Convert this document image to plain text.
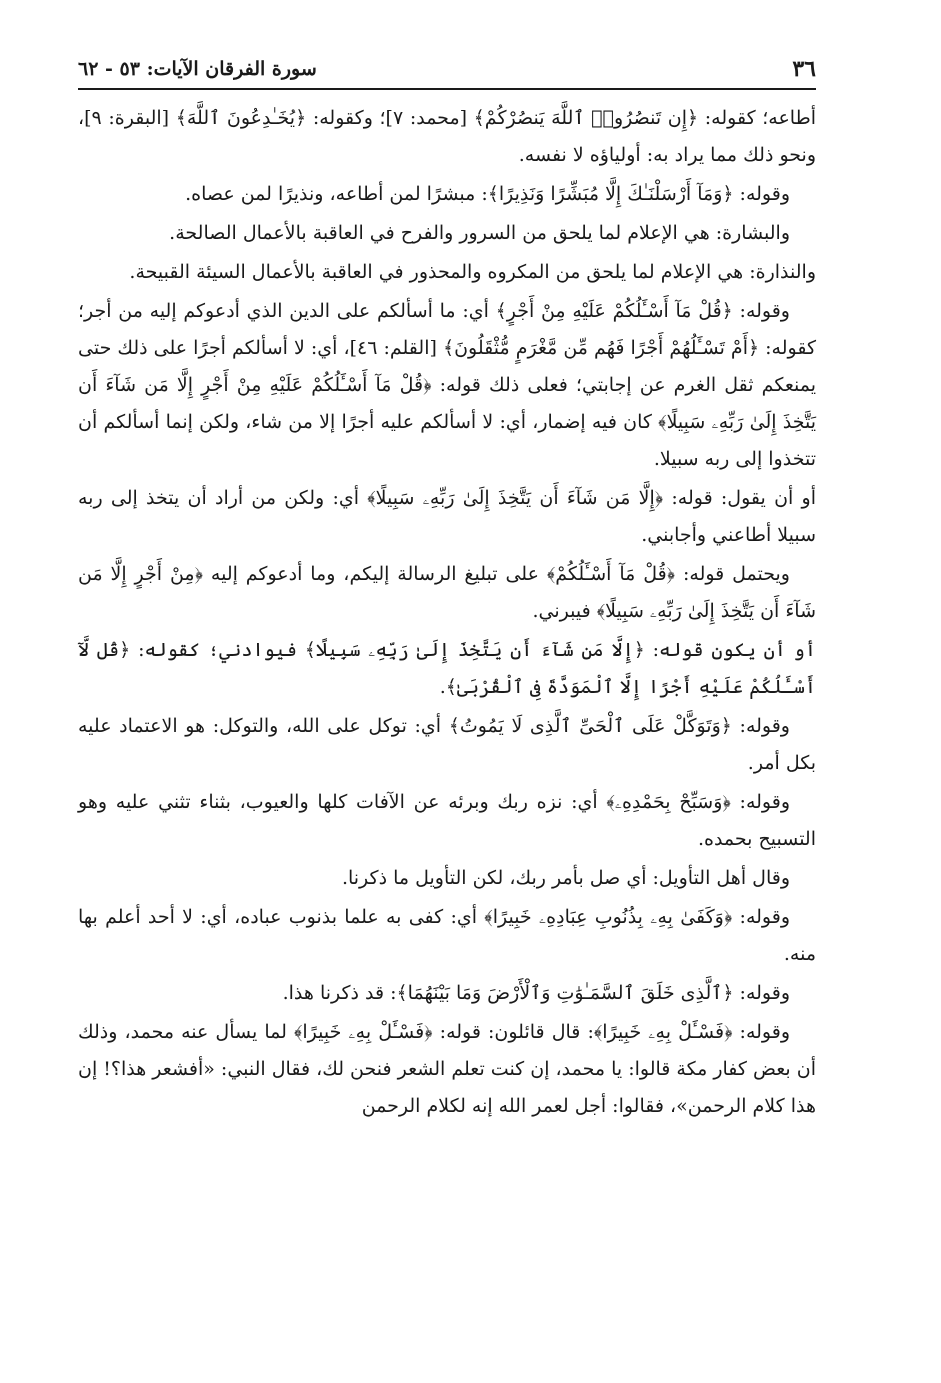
٣٦
سورة الفرقان الآيات: ٥٣ - ٦٢

أطاعه؛ كقوله: ﴿إِن تَنصُرُوا۟ ٱللَّهَ يَنصُرْكُمْ﴾ [محمد: ٧]؛ وكقوله: ﴿يُخَـٰدِعُونَ ٱللَّهَ﴾ [البقرة: ٩]، ونحو ذلك مما يراد به: أولياؤه لا نفسه.

وقوله: ﴿وَمَآ أَرْسَلْنَـٰكَ إِلَّا مُبَشِّرًا وَنَذِيرًا﴾: مبشرًا لمن أطاعه، ونذيرًا لمن عصاه.

والبشارة: هي الإعلام لما يلحق من السرور والفرح في العاقبة بالأعمال الصالحة.

والنذارة: هي الإعلام لما يلحق من المكروه والمحذور في العاقبة بالأعمال السيئة القبيحة.

وقوله: ﴿قُلْ مَآ أَسْـَٔلُكُمْ عَلَيْهِ مِنْ أَجْرٍ﴾ أي: ما أسألكم على الدين الذي أدعوكم إليه من أجر؛ كقوله: ﴿أَمْ تَسْـَٔلُهُمْ أَجْرًا فَهُم مِّن مَّغْرَمٍ مُّثْقَلُونَ﴾ [القلم: ٤٦]، أي: لا أسألكم أجرًا على ذلك حتى يمنعكم ثقل الغرم عن إجابتي؛ فعلى ذلك قوله: ﴿قُلْ مَآ أَسْـَٔلُكُمْ عَلَيْهِ مِنْ أَجْرٍ إِلَّا مَن شَآءَ أَن يَتَّخِذَ إِلَىٰ رَبِّهِۦ سَبِيلًا﴾ كان فيه إضمار، أي: لا أسألكم عليه أجرًا إلا من شاء، ولكن إنما أسألكم أن تتخذوا إلى ربه سبيلا.

أو أن يقول: قوله: ﴿إِلَّا مَن شَآءَ أَن يَتَّخِذَ إِلَىٰ رَبِّهِۦ سَبِيلًا﴾ أي: ولكن من أراد أن يتخذ إلى ربه سبيلا أطاعني وأجابني.

ويحتمل قوله: ﴿قُلْ مَآ أَسْـَٔلُكُمْ﴾ على تبليغ الرسالة إليكم، وما أدعوكم إليه ﴿مِنْ أَجْرٍ إِلَّا مَن شَآءَ أَن يَتَّخِذَ إِلَىٰ رَبِّهِۦ سَبِيلًا﴾ فيبرني.

أو أن يكون قوله: ﴿إِلَّا مَن شَآءَ أَن يَتَّخِذَ إِلَىٰ رَبِّهِۦ سَبِيلًا﴾ فيوادني؛ كقوله: ﴿قُل لَّآ أَسْـَٔلُكُمْ عَلَيْهِ أَجْرًا إِلَّا ٱلْمَوَدَّةَ فِى ٱلْقُرْبَىٰ﴾.

وقوله: ﴿وَتَوَكَّلْ عَلَى ٱلْحَىِّ ٱلَّذِى لَا يَمُوتُ﴾ أي: توكل على الله، والتوكل: هو الاعتماد عليه بكل أمر.

وقوله: ﴿وَسَبِّحْ بِحَمْدِهِۦ﴾ أي: نزه ربك وبرئه عن الآفات كلها والعيوب، بثناء تثني عليه وهو التسبيح بحمده.

وقال أهل التأويل: أي صل بأمر ربك، لكن التأويل ما ذكرنا.

وقوله: ﴿وَكَفَىٰ بِهِۦ بِذُنُوبِ عِبَادِهِۦ خَبِيرًا﴾ أي: كفى به علما بذنوب عباده، أي: لا أحد أعلم بها منه.

وقوله: ﴿ٱلَّذِى خَلَقَ ٱلسَّمَـٰوَٰتِ وَٱلْأَرْضَ وَمَا بَيْنَهُمَا﴾: قد ذكرنا هذا.

وقوله: ﴿فَسْـَٔلْ بِهِۦ خَبِيرًا﴾: قال قائلون: قوله: ﴿فَسْـَٔلْ بِهِۦ خَبِيرًا﴾ لما يسأل عنه محمد، وذلك أن بعض كفار مكة قالوا: يا محمد، إن كنت تعلم الشعر فنحن لك، فقال النبي: «أفشعر هذا؟! إن هذا كلام الرحمن»، فقالوا: أجل لعمر الله إنه لكلام الرحمن
